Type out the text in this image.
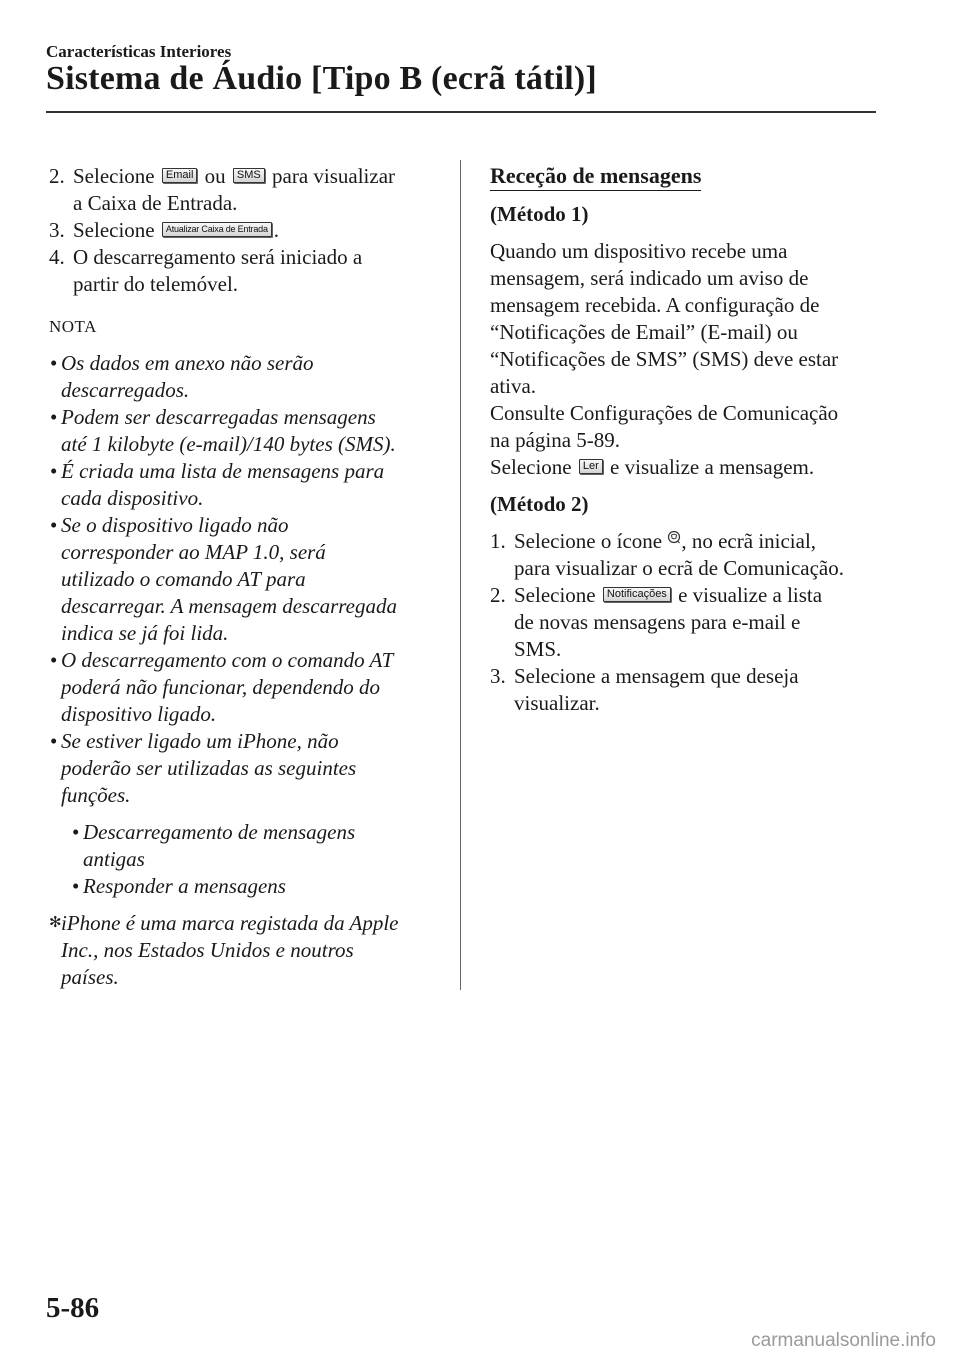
Características Interiores
Sistema de Áudio [Tipo B (ecrã tátil)]
2. Selecione Email ou SMS para visualizar
a Caixa de Entrada.
3. Selecione Atualizar Caixa de Entrada .
4. O descarregamento será iniciado a
partir do telemóvel.
NOTA
• Os dados em anexo não serão
descarregados.
• Podem ser descarregadas mensagens
até 1 kilobyte (e-mail)/140 bytes (SMS).
• É criada uma lista de mensagens para
cada dispositivo.
• Se o dispositivo ligado não
corresponder ao MAP 1.0, será
utilizado o comando AT para
descarregar. A mensagem descarregada
indica se já foi lida.
• O descarregamento com o comando AT
poderá não funcionar, dependendo do
dispositivo ligado.
• Se estiver ligado um iPhone, não
poderão ser utilizadas as seguintes
funções.
• Descarregamento de mensagens
antigas
• Responder a mensagens
✻ iPhone é uma marca registada da Apple
Inc., nos Estados Unidos e noutros
países.
Receção de mensagens
(Método 1)
Quando um dispositivo recebe uma
mensagem, será indicado um aviso de
mensagem recebida. A configuração de
“Notificações de Email” (E-mail) ou
“Notificações de SMS” (SMS) deve estar
ativa.
Consulte Configurações de Comunicação
na página 5-89.
Selecione Ler e visualize a mensagem.
(Método 2)
1. Selecione o ícone , no ecrã inicial,
para visualizar o ecrã de Comunicação.
2. Selecione Notificações e visualize a lista
de novas mensagens para e-mail e
SMS.
3. Selecione a mensagem que deseja
visualizar.
5-86
carmanualsonline.info
